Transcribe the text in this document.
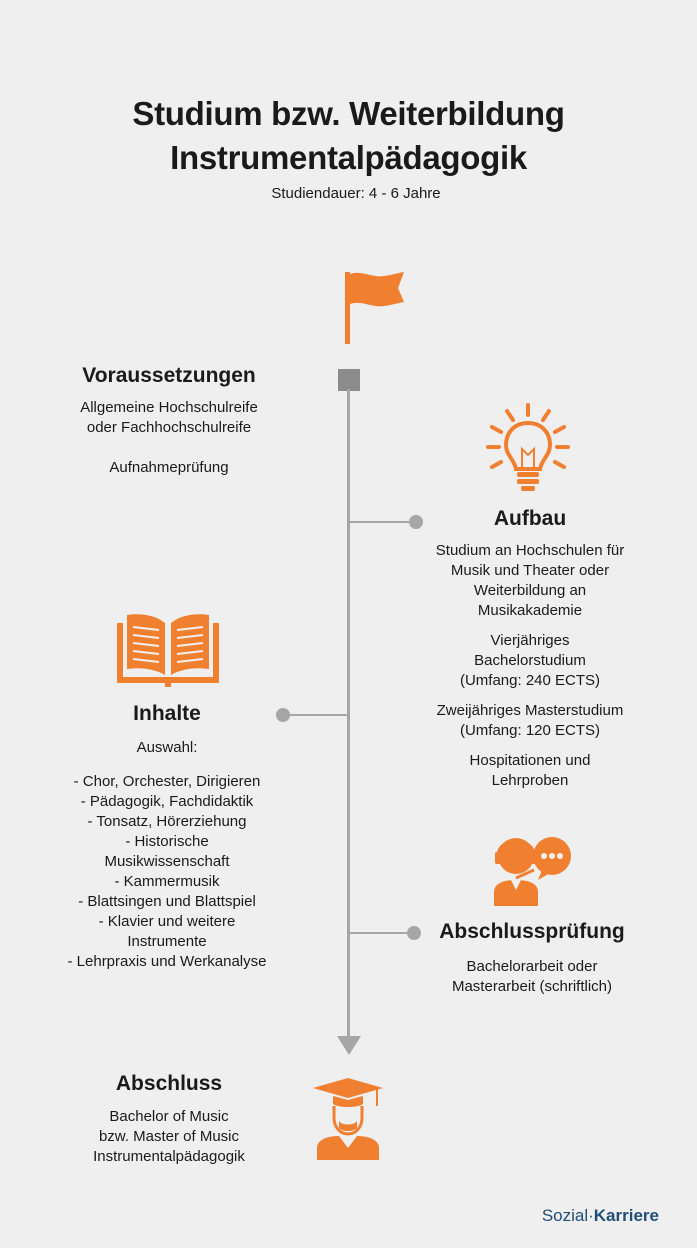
Studium bzw. Weiterbildung
Instrumentalpädagogik
Studiendauer: 4 - 6 Jahre
Voraussetzungen
Allgemeine Hochschulreife
oder Fachhochschulreife
Aufnahmeprüfung
Aufbau
Studium an Hochschulen für
Musik und Theater oder
Weiterbildung an
Musikakademie
Vierjähriges
Bachelorstudium
(Umfang: 240 ECTS)
Zweijähriges Masterstudium
(Umfang: 120 ECTS)
Hospitationen und
Lehrproben
Inhalte
Auswahl:
- Chor, Orchester, Dirigieren
- Pädagogik, Fachdidaktik
- Tonsatz, Hörerziehung
- Historische
Musikwissenschaft
- Kammermusik
- Blattsingen und Blattspiel
- Klavier und weitere
Instrumente
- Lehrpraxis und Werkanalyse
Abschlussprüfung
Bachelorarbeit oder
Masterarbeit (schriftlich)
Abschluss
Bachelor of Music
bzw. Master of Music
Instrumentalpädagogik
Sozial·Karriere
